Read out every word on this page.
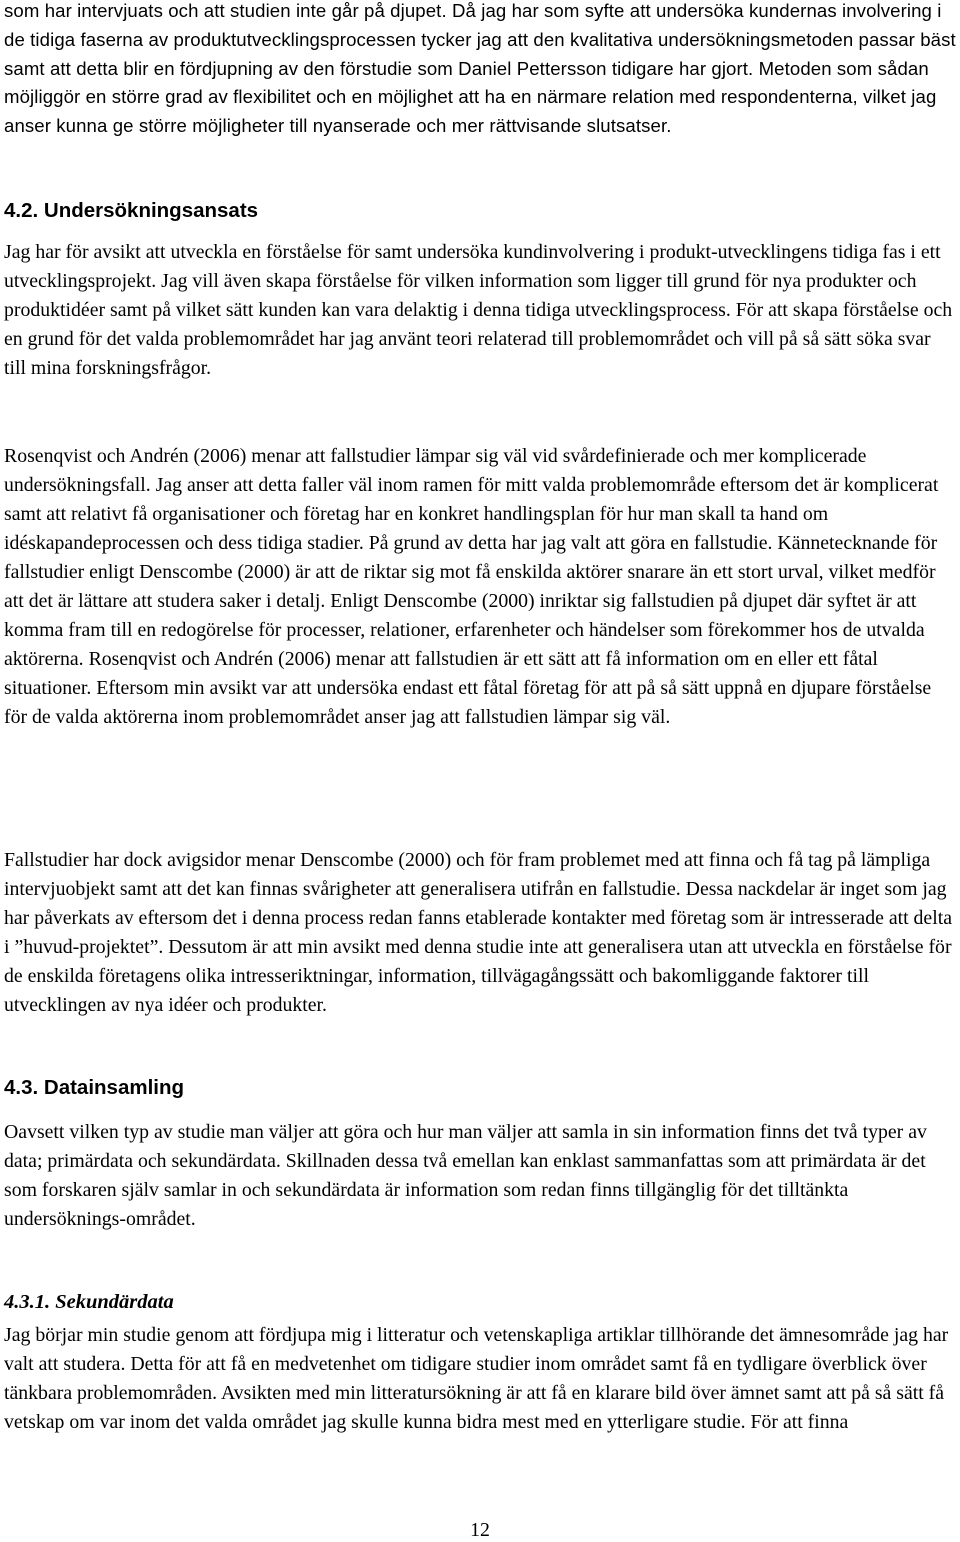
som har intervjuats och att studien inte går på djupet. Då jag har som syfte att undersöka kundernas involvering i de tidiga faserna av produktutvecklingsprocessen tycker jag att den kvalitativa undersökningsmetoden passar bäst samt att detta blir en fördjupning av den förstudie som Daniel Pettersson tidigare har gjort. Metoden som sådan möjliggör en större grad av flexibilitet och en möjlighet att ha en närmare relation med respondenterna, vilket jag anser kunna ge större möjligheter till nyanserade och mer rättvisande slutsatser.

4.2. Undersökningsansats

Jag har för avsikt att utveckla en förståelse för samt undersöka kundinvolvering i produkt-utvecklingens tidiga fas i ett utvecklingsprojekt. Jag vill även skapa förståelse för vilken information som ligger till grund för nya produkter och produktidéer samt på vilket sätt kunden kan vara delaktig i denna tidiga utvecklingsprocess. För att skapa förståelse och en grund för det valda problemområdet har jag använt teori relaterad till problemområdet och vill på så sätt söka svar till mina forskningsfrågor.

Rosenqvist och Andrén (2006) menar att fallstudier lämpar sig väl vid svårdefinierade och mer komplicerade undersökningsfall. Jag anser att detta faller väl inom ramen för mitt valda problemområde eftersom det är komplicerat samt att relativt få organisationer och företag har en konkret handlingsplan för hur man skall ta hand om idéskapandeprocessen och dess tidiga stadier. På grund av detta har jag valt att göra en fallstudie. Kännetecknande för fallstudier enligt Denscombe (2000) är att de riktar sig mot få enskilda aktörer snarare än ett stort urval, vilket medför att det är lättare att studera saker i detalj. Enligt Denscombe (2000) inriktar sig fallstudien på djupet där syftet är att komma fram till en redogörelse för processer, relationer, erfarenheter och händelser som förekommer hos de utvalda aktörerna. Rosenqvist och Andrén (2006) menar att fallstudien är ett sätt att få information om en eller ett fåtal situationer. Eftersom min avsikt var att undersöka endast ett fåtal företag för att på så sätt uppnå en djupare förståelse för de valda aktörerna inom problemområdet anser jag att fallstudien lämpar sig väl.

Fallstudier har dock avigsidor menar Denscombe (2000) och för fram problemet med att finna och få tag på lämpliga intervjuobjekt samt att det kan finnas svårigheter att generalisera utifrån en fallstudie. Dessa nackdelar är inget som jag har påverkats av eftersom det i denna process redan fanns etablerade kontakter med företag som är intresserade att delta i ”huvud-projektet”. Dessutom är att min avsikt med denna studie inte att generalisera utan att utveckla en förståelse för de enskilda företagens olika intresseriktningar, information, tillvägagångssätt och bakomliggande faktorer till utvecklingen av nya idéer och produkter.

4.3. Datainsamling

Oavsett vilken typ av studie man väljer att göra och hur man väljer att samla in sin information finns det två typer av data; primärdata och sekundärdata. Skillnaden dessa två emellan kan enklast sammanfattas som att primärdata är det som forskaren själv samlar in och sekundärdata är information som redan finns tillgänglig för det tilltänkta undersöknings-området.

4.3.1. Sekundärdata

Jag börjar min studie genom att fördjupa mig i litteratur och vetenskapliga artiklar tillhörande det ämnesområde jag har valt att studera. Detta för att få en medvetenhet om tidigare studier inom området samt få en tydligare överblick över tänkbara problemområden. Avsikten med min litteratursökning är att få en klarare bild över ämnet samt att på så sätt få vetskap om var inom det valda området jag skulle kunna bidra mest med en ytterligare studie. För att finna

12
